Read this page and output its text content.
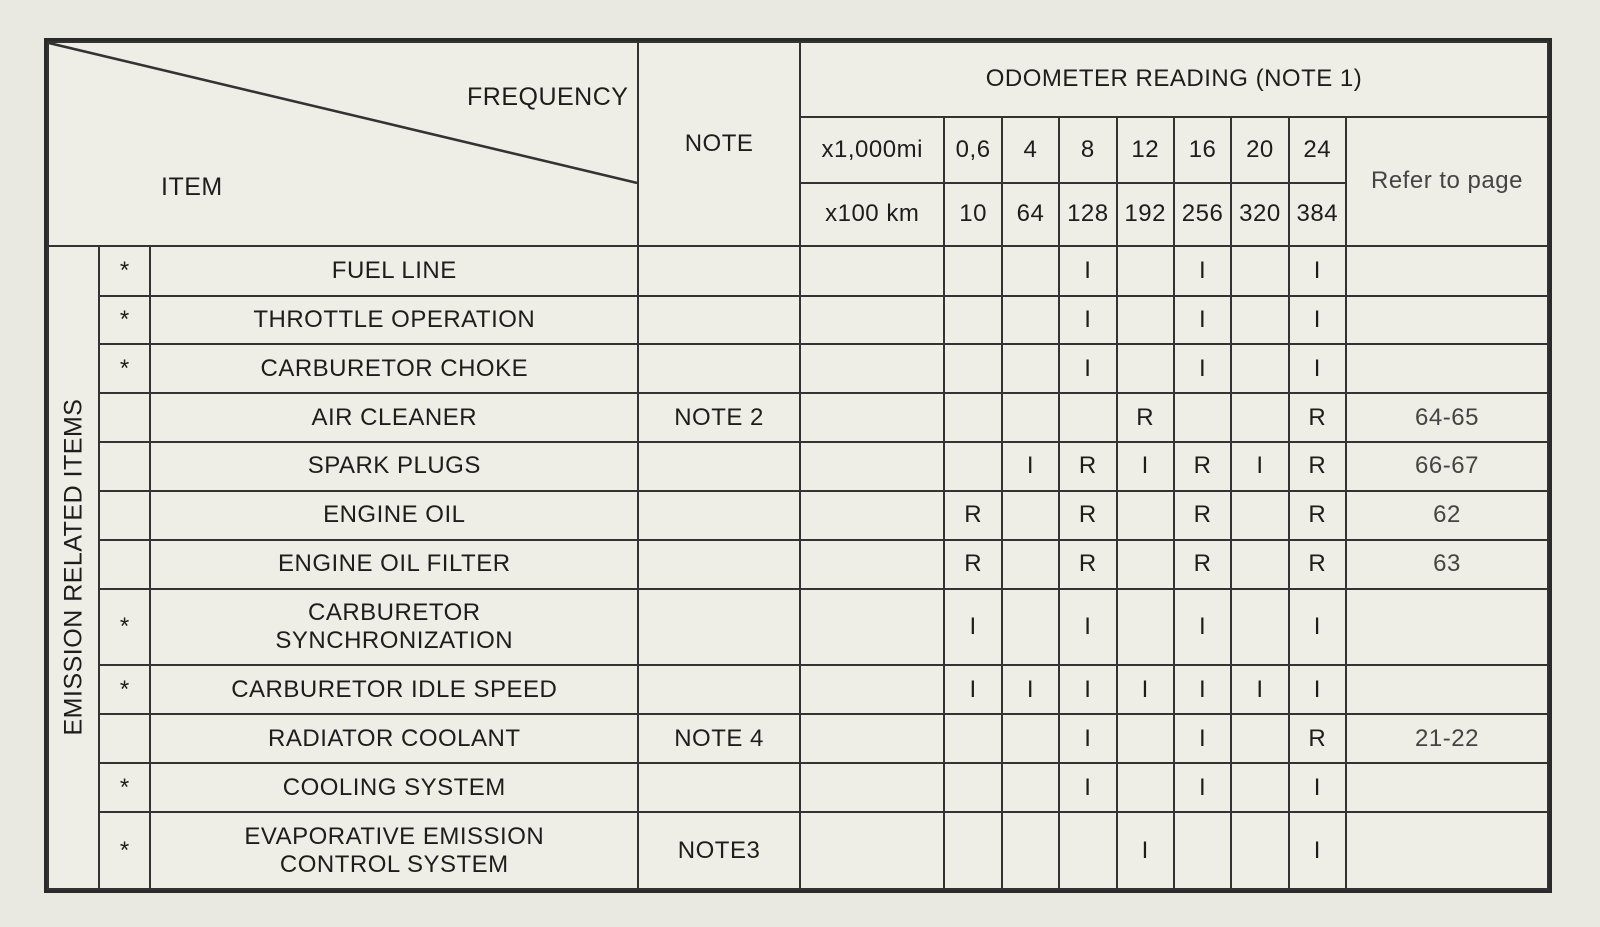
FREQUENCY
ITEM			NOTE	ODOMETER READING (NOTE 1)								
				x1,000mi	0,6	4	8	12	16	20	24	Refer to page
				x100 km	10	64	128	192	256	320	384	

EMISSION RELATED ITEMS	*	FUEL LINE					I		I		I	
	*	THROTTLE OPERATION					I		I		I	
	*	CARBURETOR CHOKE					I		I		I	
		AIR CLEANER	NOTE 2					R			R	64-65
		SPARK PLUGS				I	R	I	R	I	R	66-67
		ENGINE OIL			R		R		R		R	62
		ENGINE OIL FILTER			R		R		R		R	63
	*	CARBURETOR
SYNCHRONIZATION			I		I		I		I	
	*	CARBURETOR IDLE SPEED			I	I	I	I	I	I	I	
		RADIATOR COOLANT	NOTE 4				I		I		R	21-22
	*	COOLING SYSTEM					I		I		I	
	*	EVAPORATIVE EMISSION
CONTROL SYSTEM	NOTE3					I			I	
